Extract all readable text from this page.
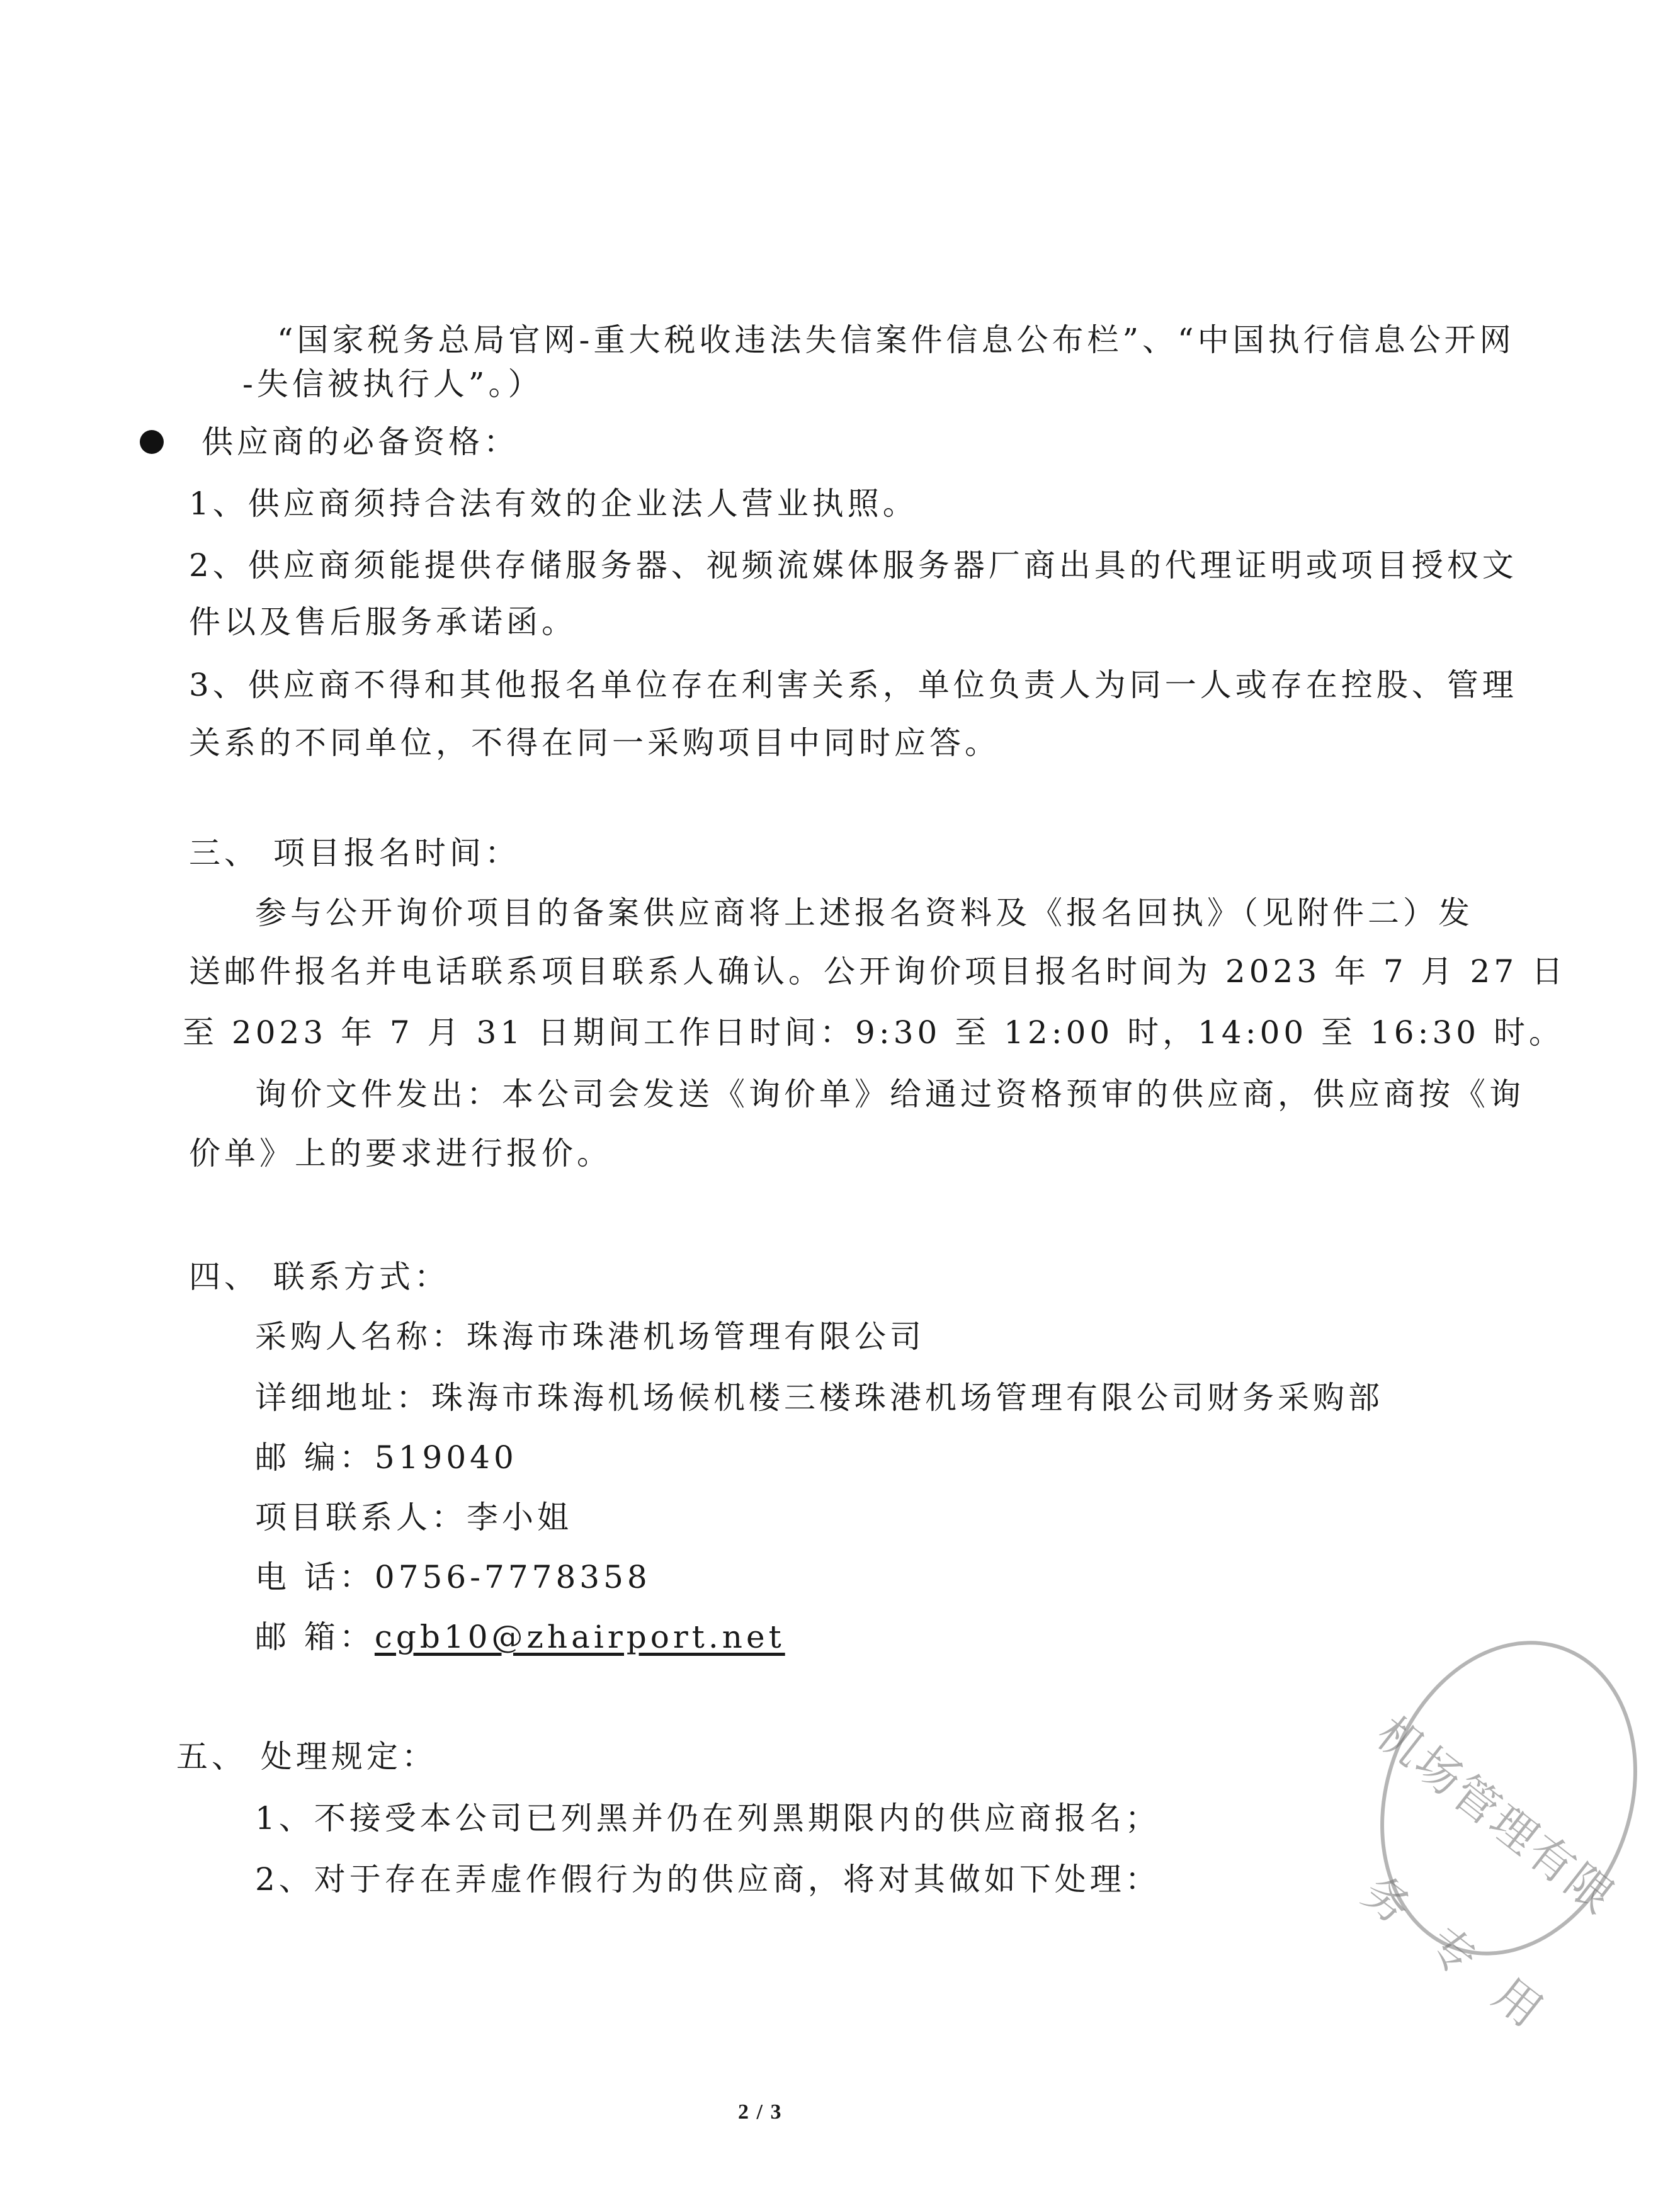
“国家税务总局官网-重大税收违法失信案件信息公布栏”、“中国执行信息公开网
-失信被执行人”。）
供应商的必备资格：
1、供应商须持合法有效的企业法人营业执照。
2、供应商须能提供存储服务器、视频流媒体服务器厂商出具的代理证明或项目授权文
件以及售后服务承诺函。
3、供应商不得和其他报名单位存在利害关系，单位负责人为同一人或存在控股、管理
关系的不同单位，不得在同一采购项目中同时应答。
三、 项目报名时间：
参与公开询价项目的备案供应商将上述报名资料及《报名回执》（见附件二）发
送邮件报名并电话联系项目联系人确认。公开询价项目报名时间为 2023 年 7 月 27 日
至 2023 年 7 月 31 日期间工作日时间：9:30 至 12:00 时，14:00 至 16:30 时。
询价文件发出：本公司会发送《询价单》给通过资格预审的供应商，供应商按《询
价单》上的要求进行报价。
四、 联系方式：
采购人名称：珠海市珠港机场管理有限公司
详细地址：珠海市珠海机场候机楼三楼珠港机场管理有限公司财务采购部
邮 编：519040
项目联系人：李小姐
电 话：0756-7778358
邮 箱：cgb10@zhairport.net
五、 处理规定：
1、不接受本公司已列黑并仍在列黑期限内的供应商报名；
2、对于存在弄虚作假行为的供应商，将对其做如下处理：	机场管理有限
务专用
2 / 3
